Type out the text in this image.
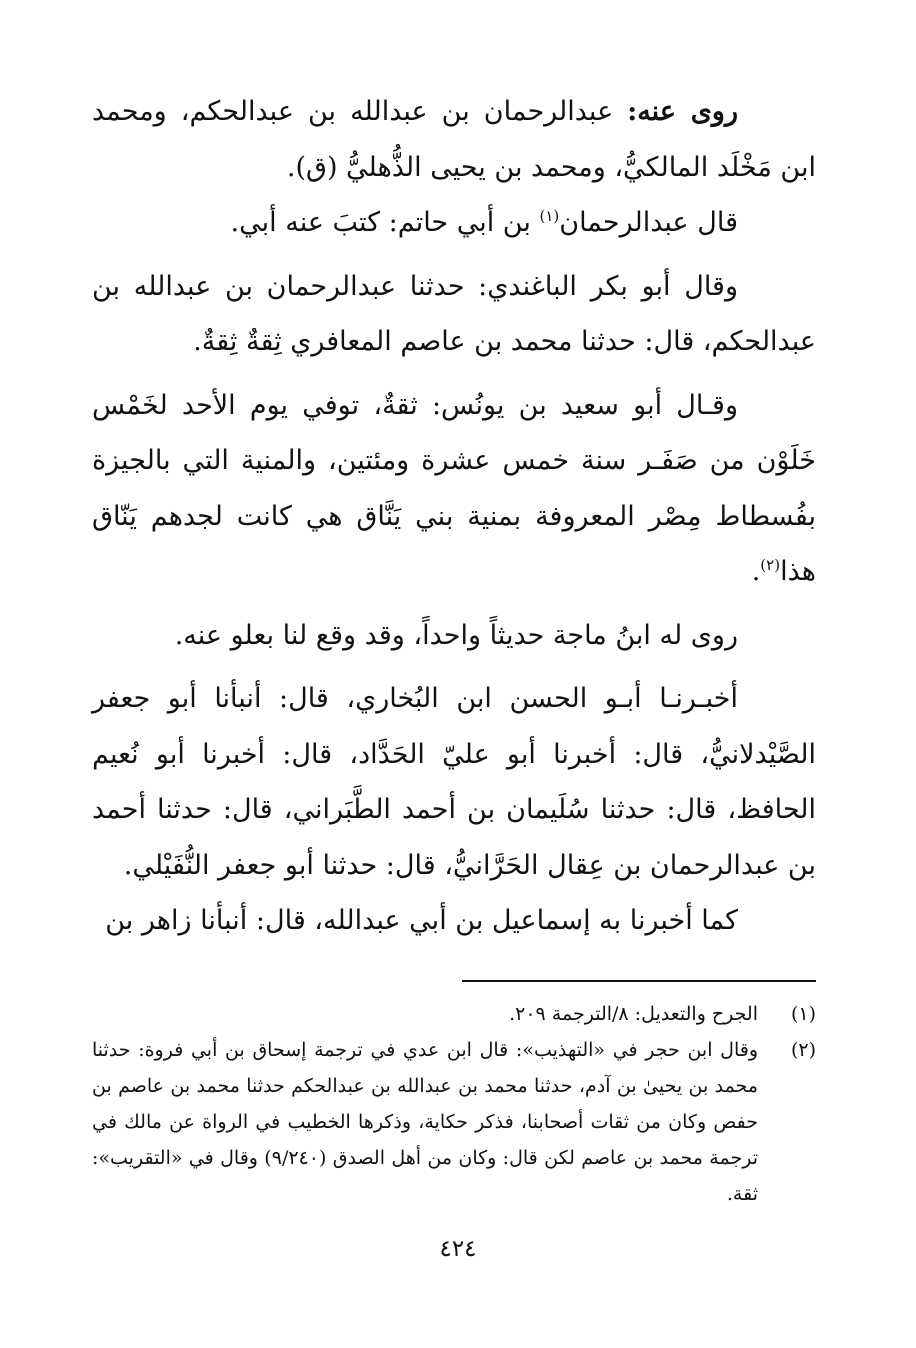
روى عنه: عبدالرحمان بن عبدالله بن عبدالحكم، ومحمد ابن مَخْلَد المالكيُّ، ومحمد بن يحيى الذُّهليُّ (ق).

قال عبدالرحمان$^{(١)}$ بن أبي حاتم: كتبَ عنه أبي.

وقال أبو بكر الباغندي: حدثنا عبدالرحمان بن عبدالله بن عبدالحكم، قال: حدثنا محمد بن عاصم المعافري ثِقةٌ ثِقةٌ.

وقـال أبو سعيد بن يونُس: ثقةٌ، توفي يوم الأحد لخَمْس خَلَوْن من صَفَـر سنة خمس عشرة ومئتين، والمنية التي بالجيزة بفُسطاط مِصْر المعروفة بمنية بني يَنَّاق هي كانت لجدهم يَنّاق هذا$^{(٢)}$.

روى له ابنُ ماجة حديثاً واحداً، وقد وقع لنا بعلو عنه.

أخبـرنـا أبـو الحسن ابن البُخاري، قال: أنبأنا أبو جعفر الصَّيْدلانيُّ، قال: أخبرنا أبو عليّ الحَدَّاد، قال: أخبرنا أبو نُعيم الحافظ، قال: حدثنا سُلَيمان بن أحمد الطَّبَراني، قال: حدثنا أحمد بن عبدالرحمان بن عِقال الحَرَّانيُّ، قال: حدثنا أبو جعفر النُّفَيْلي.

كما أخبرنا به إسماعيل بن أبي عبدالله، قال: أنبأنا زاهر بن

(١)
الجرح والتعديل: ٨/الترجمة ٢٠٩.
(٢)
وقال ابن حجر في «التهذيب»: قال ابن عدي في ترجمة إسحاق بن أبي فروة: حدثنا محمد بن يحيىٰ بن آدم، حدثنا محمد بن عبدالله بن عبدالحكم حدثنا محمد بن عاصم بن حفص وكان من ثقات أصحابنا، فذكر حكاية، وذكرها الخطيب في الرواة عن مالك في ترجمة محمد بن عاصم لكن قال: وكان من أهل الصدق (٩/٢٤٠) وقال في «التقريب»: ثقة.
٤٢٤
